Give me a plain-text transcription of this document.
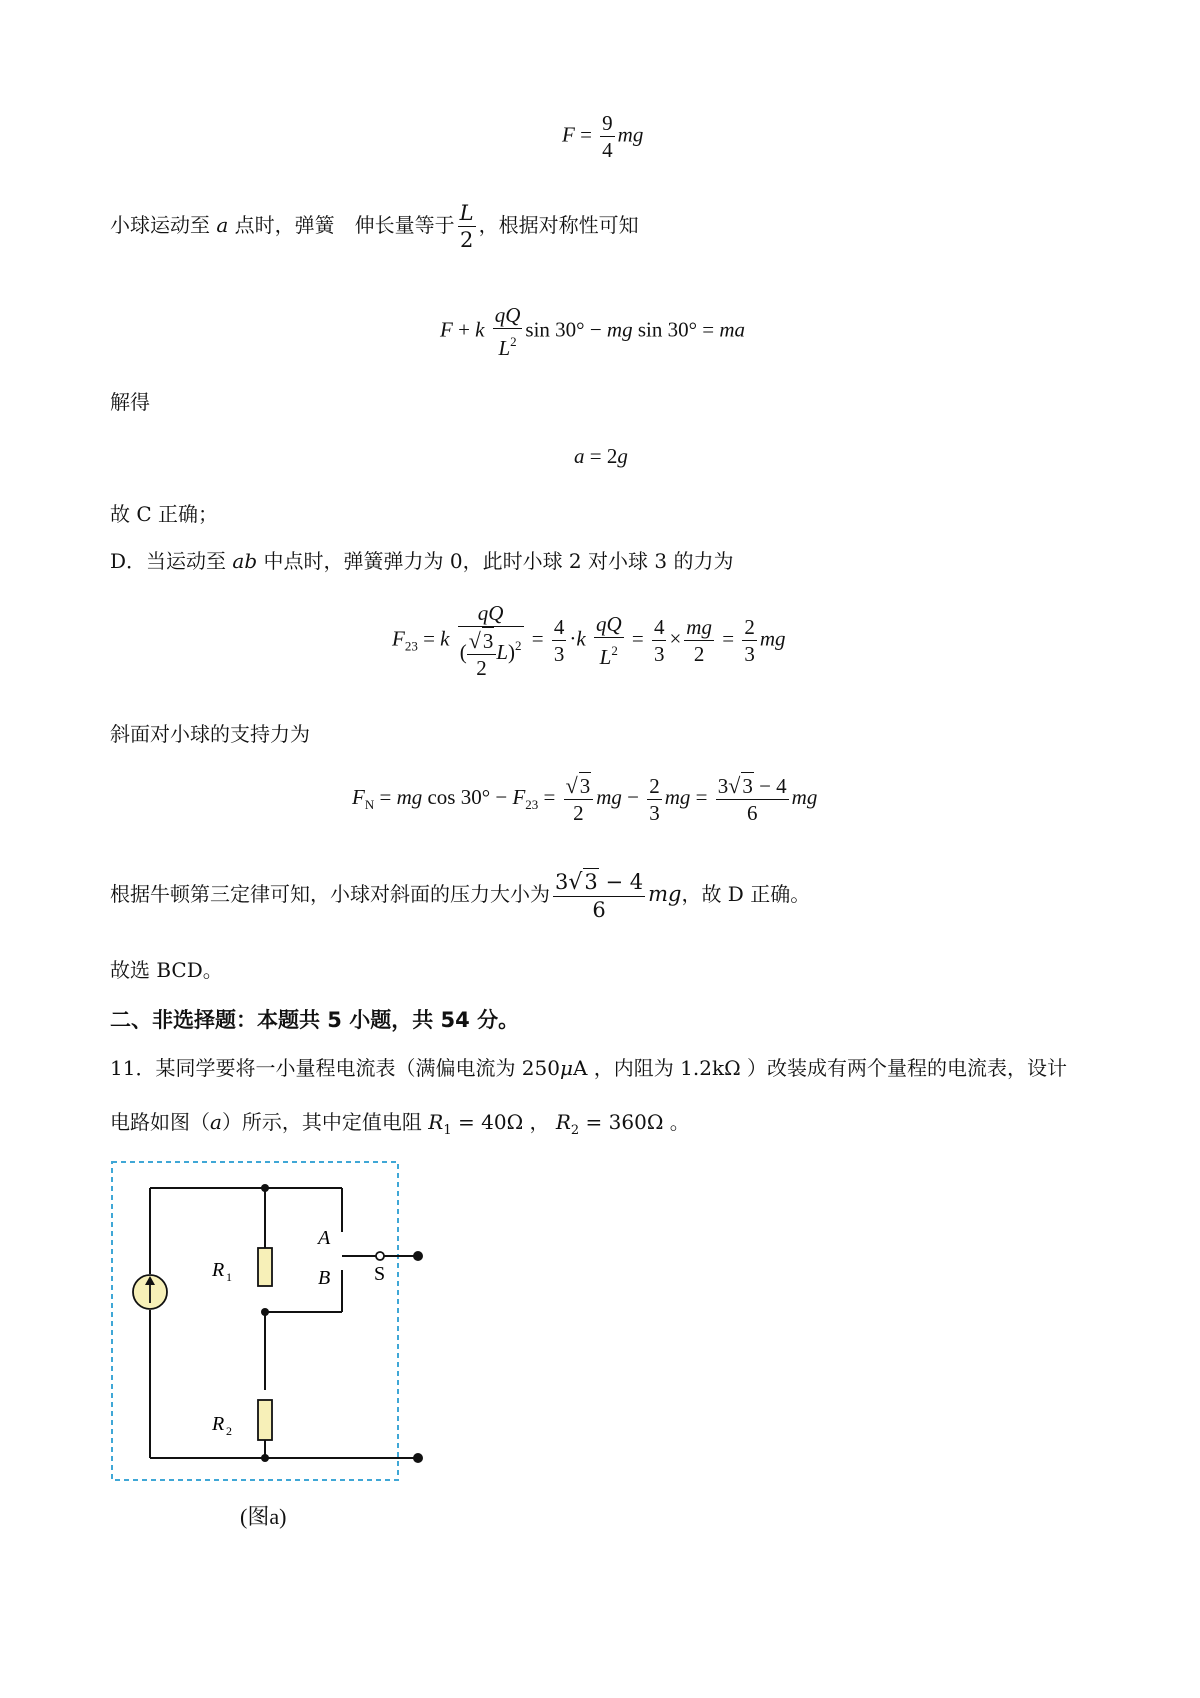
$F = \frac{9}{4}$ mg
小球运动至 a 点时，弹簧　伸长量等于 $\frac{L}{2}$ ，根据对称性可知
F + k $\frac{qQ}{L^2}$ sin 30° − mg sin 30° = ma
解得
a = 2g
故 C 正确；
D．当运动至 ab 中点时，弹簧弹力为 0，此时小球 2 对小球 3 的力为
$F_{23} = k \frac{qQ}{( \frac{√3}{2} L)^2} = \frac{4}{3} \cdot k \frac{qQ}{L^2} = \frac{4}{3} \times \frac{mg}{2} = \frac{2}{3}$ mg
斜面对小球的支持力为
$F_N$ = mg $\cos 30^\circ - F_{23} = \frac{√3}{2}$ mg − $\frac{2}{3}$ mg = $\frac{3√3 - 4}{6}$ mg
根据牛顿第三定律可知，小球对斜面的压力大小为 $\frac{3√3 - 4}{6}$ mg，故 D 正确。
故选 BCD。
二、非选择题：本题共 5 小题，共 54 分。
11．某同学要将一小量程电流表（满偏电流为 250μA ，内阻为 1.2kΩ ）改装成有两个量程的电流表，设计
电路如图（a）所示，其中定值电阻 $R_1 = 40\Omega$ ， $R_2 = 360\Omega$ 。
R 1
R 2
A
B S
(图a)
